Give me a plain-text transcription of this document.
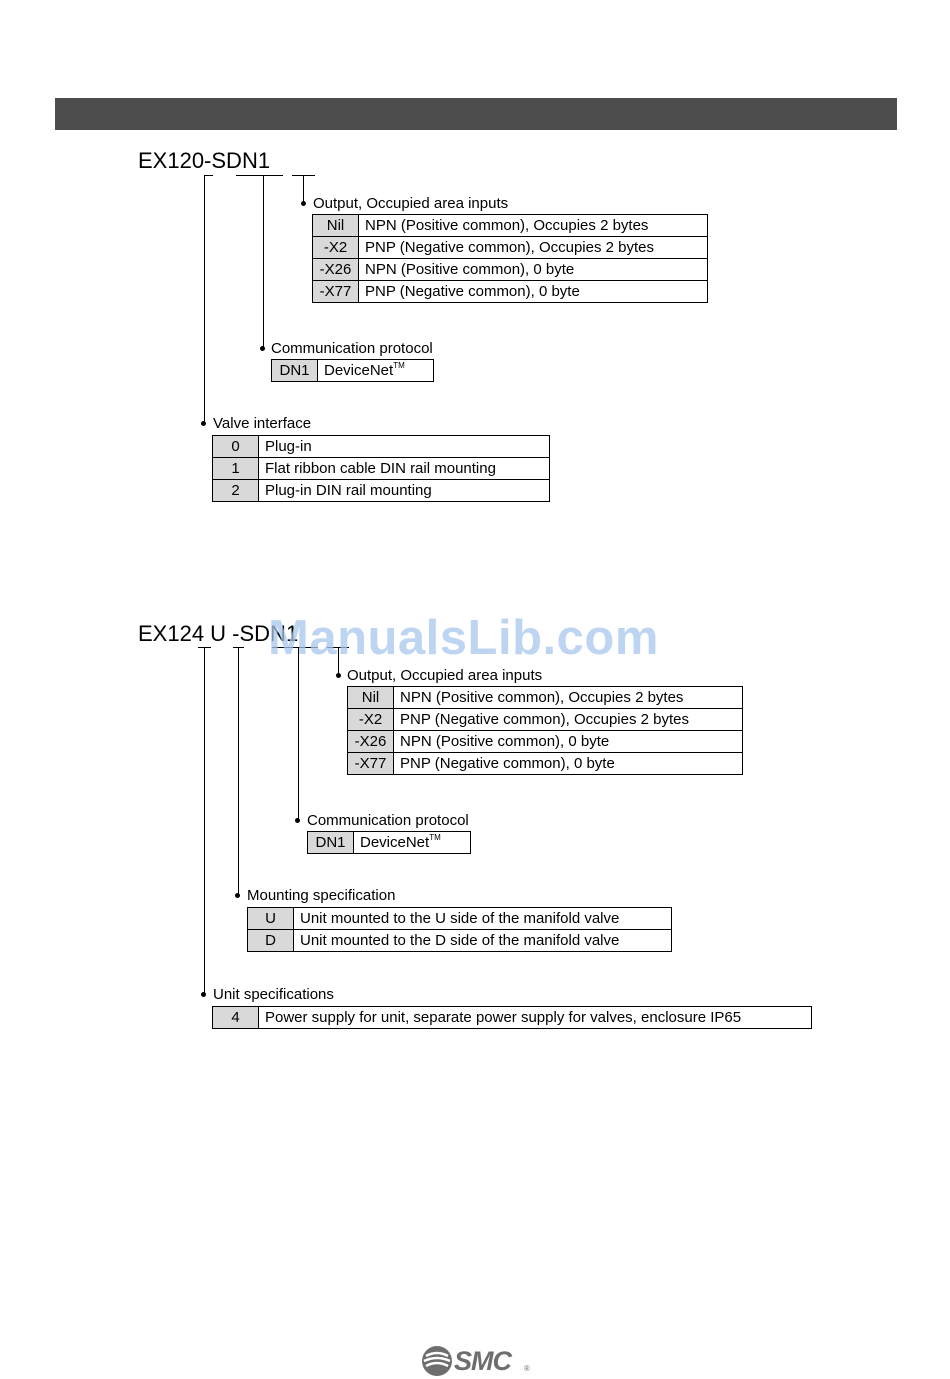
EX120-SDN1
Output, Occupied area inputs
Nil	NPN (Positive common), Occupies 2 bytes
-X2	PNP (Negative common), Occupies 2 bytes
-X26	NPN (Positive common), 0 byte
-X77	PNP (Negative common), 0 byte
Communication protocol
DN1	DeviceNet™
Valve interface
0	Plug-in
1	Flat ribbon cable DIN rail mounting
2	Plug-in DIN rail mounting
EX124 U -SDN1
Output, Occupied area inputs
Nil	NPN (Positive common), Occupies 2 bytes
-X2	PNP (Negative common), Occupies 2 bytes
-X26	NPN (Positive common), 0 byte
-X77	PNP (Negative common), 0 byte
Communication protocol
DN1	DeviceNet™
Mounting specification
U	Unit mounted to the U side of the manifold valve
D	Unit mounted to the D side of the manifold valve
Unit specifications
4	Power supply for unit, separate power supply for valves, enclosure IP65
ManualsLib.com
SMC ®
